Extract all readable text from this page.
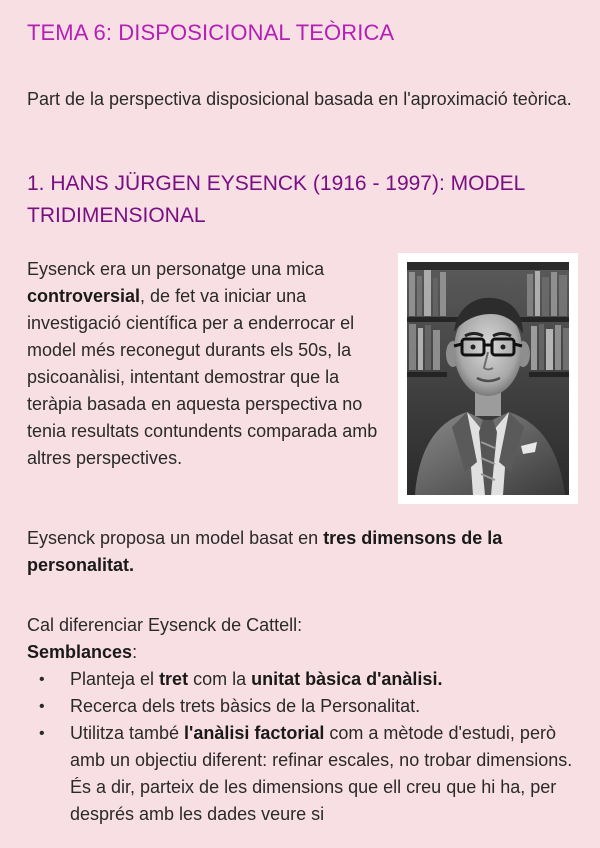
TEMA 6: DISPOSICIONAL TEÒRICA

Part de la perspectiva disposicional basada en l'aproximació teòrica.

1. HANS JÜRGEN EYSENCK (1916 - 1997): MODEL TRIDIMENSIONAL

Eysenck era un personatge una mica controversial, de fet va iniciar una investigació científica per a enderrocar el model més reconegut durants els 50s, la psicoanàlisi, intentant demostrar que la teràpia basada en aquesta perspectiva no tenia resultats contundents comparada amb altres perspectives.

Eysenck proposa un model basat en tres dimensons de la personalitat.

Cal diferenciar Eysenck de Cattell:

Semblances:

• Planteja el tret com la unitat bàsica d'anàlisi.
• Recerca dels trets bàsics de la Personalitat.
• Utilitza també l'anàlisi factorial com a mètode d'estudi, però amb un objectiu diferent: refinar escales, no trobar dimensions. És a dir, parteix de les dimensions que ell creu que hi ha, per després amb les dades veure si
